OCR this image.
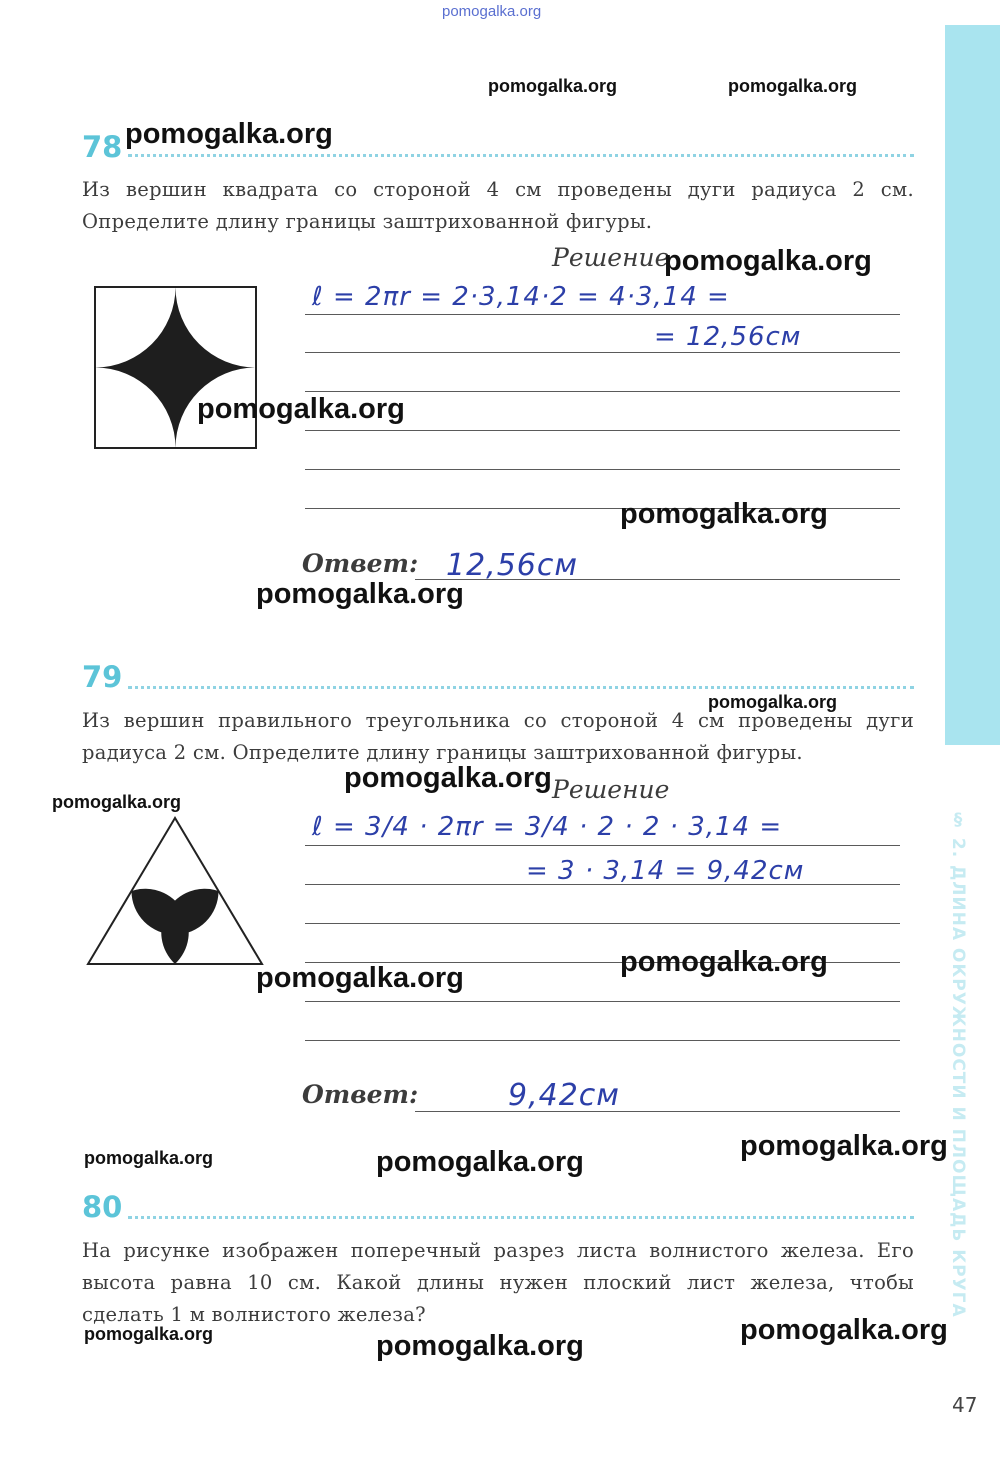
§ 2. ДЛИНА ОКРУЖНОСТИ И ПЛОЩАДЬ КРУГА
pomogalka.org
pomogalka.org	pomogalka.org
78 pomogalka.org
Из вершин квадрата со стороной 4 см проведены дуги радиуса 2 см. Определите длину границы заштрихованной фигуры.
Решение
pomogalka.org
ℓ = 2πr = 2·3,14·2 = 4·3,14 =
= 12,56см
pomogalka.org
pomogalka.org
Ответ: 12,56см
pomogalka.org
79
pomogalka.org
Из вершин правильного треугольника со стороной 4 см проведены дуги радиуса 2 см. Определите длину границы заштрихованной фигуры.
pomogalka.org Решение
pomogalka.org
ℓ = 3/4 · 2πr = 3/4 · 2 · 2 · 3,14 =
= 3 · 3,14 = 9,42см
pomogalka.org
pomogalka.org
Ответ:	9,42см
pomogalka.org
pomogalka.org	pomogalka.org
80
На рисунке изображен поперечный разрез листа волнистого железа. Его высота равна 10 см. Какой длины нужен плоский лист железа, чтобы сделать 1 м волнистого железа?
pomogalka.org	pomogalka.org
pomogalka.org
47
